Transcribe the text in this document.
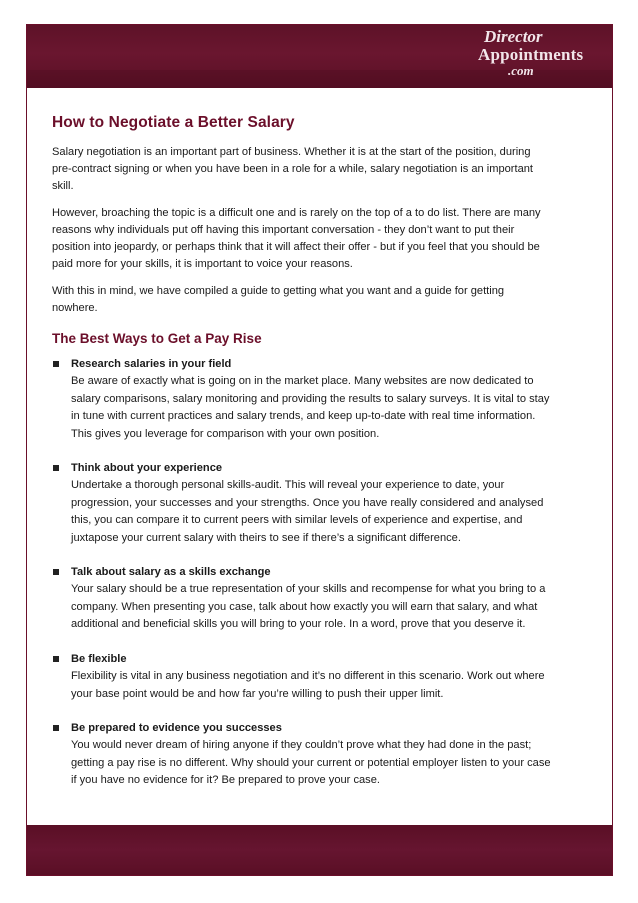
Director
Appointments
.com
How to Negotiate a Better Salary

Salary negotiation is an important part of business. Whether it is at the start of the position, during pre-contract signing or when you have been in a role for a while, salary negotiation is an important skill.

However, broaching the topic is a difficult one and is rarely on the top of a to do list. There are many reasons why individuals put off having this important conversation - they don’t want to put their position into jeopardy, or perhaps think that it will affect their offer - but if you feel that you should be paid more for your skills, it is important to voice your reasons.

With this in mind, we have compiled a guide to getting what you want and a guide for getting nowhere.

The Best Ways to Get a Pay Rise
Research salaries in your field
Be aware of exactly what is going on in the market place. Many websites are now dedicated to salary comparisons, salary monitoring and providing the results to salary surveys. It is vital to stay in tune with current practices and salary trends, and keep up-to-date with real time information. This gives you leverage for comparison with your own position.
Think about your experience
Undertake a thorough personal skills-audit. This will reveal your experience to date, your progression, your successes and your strengths. Once you have really considered and analysed this, you can compare it to current peers with similar levels of experience and expertise, and juxtapose your current salary with theirs to see if there’s a significant difference.
Talk about salary as a skills exchange
Your salary should be a true representation of your skills and recompense for what you bring to a company. When presenting you case, talk about how exactly you will earn that salary, and what additional and beneficial skills you will bring to your role. In a word, prove that you deserve it.
Be flexible
Flexibility is vital in any business negotiation and it’s no different in this scenario. Work out where your base point would be and how far you’re willing to push their upper limit.
Be prepared to evidence you successes
You would never dream of hiring anyone if they couldn’t prove what they had done in the past; getting a pay rise is no different. Why should your current or potential employer listen to your case if you have no evidence for it? Be prepared to prove your case.
